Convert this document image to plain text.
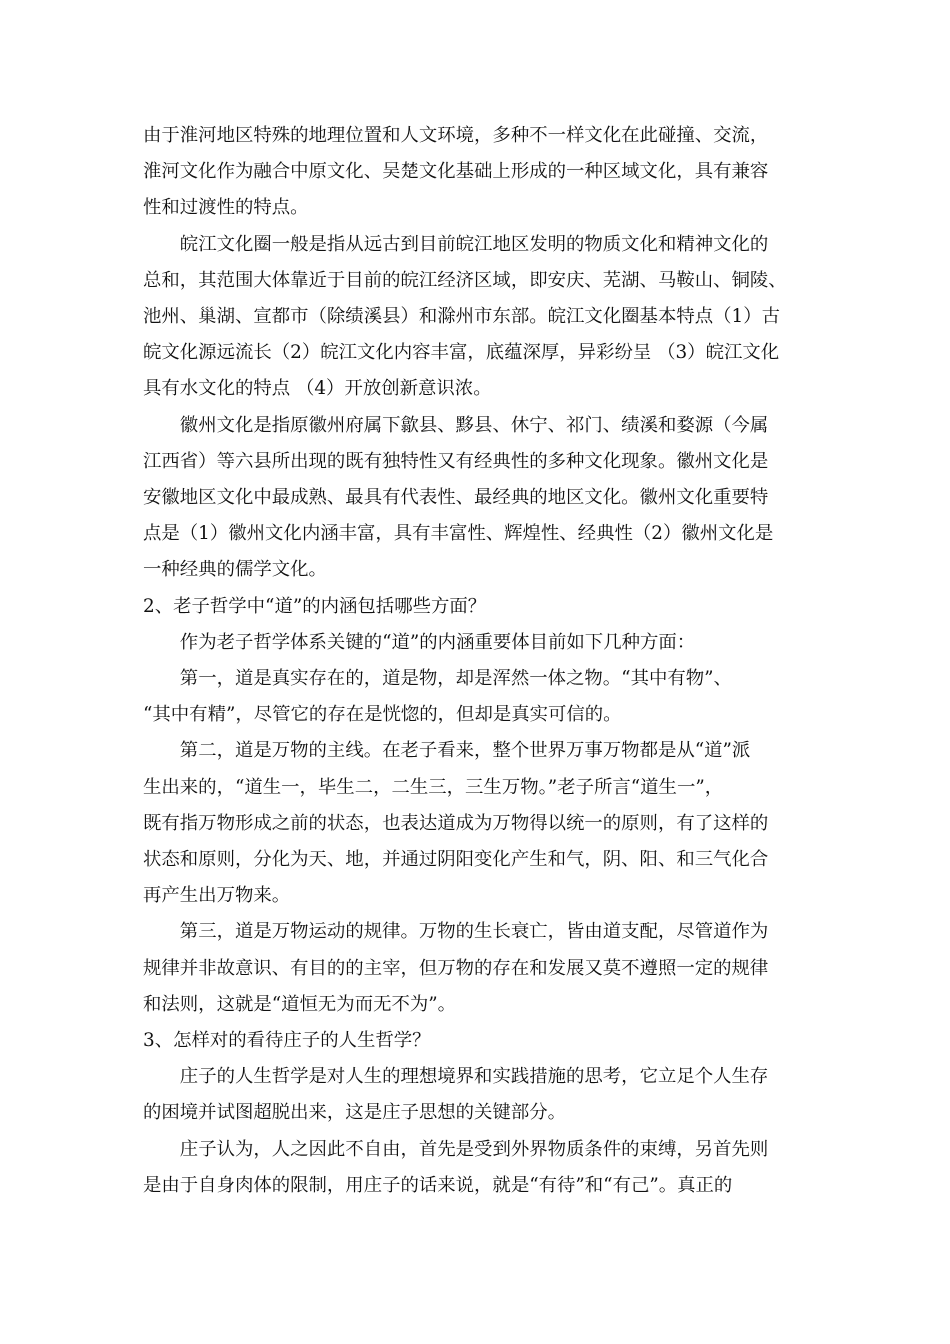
由于淮河地区特殊的地理位置和人文环境，多种不一样文化在此碰撞、交流，
淮河文化作为融合中原文化、吴楚文化基础上形成的一种区域文化，具有兼容
性和过渡性的特点。

皖江文化圈一般是指从远古到目前皖江地区发明的物质文化和精神文化的
总和，其范围大体靠近于目前的皖江经济区域，即安庆、芜湖、马鞍山、铜陵、
池州、巢湖、宣都市（除绩溪县）和滁州市东部。皖江文化圈基本特点（1）古
皖文化源远流长（2）皖江文化内容丰富，底蕴深厚，异彩纷呈 （3）皖江文化
具有水文化的特点 （4）开放创新意识浓。

徽州文化是指原徽州府属下歙县、黟县、休宁、祁门、绩溪和婺源（今属
江西省）等六县所出现的既有独特性又有经典性的多种文化现象。徽州文化是
安徽地区文化中最成熟、最具有代表性、最经典的地区文化。徽州文化重要特
点是（1）徽州文化内涵丰富，具有丰富性、辉煌性、经典性（2）徽州文化是
一种经典的儒学文化。

2、老子哲学中“道”的内涵包括哪些方面？

作为老子哲学体系关键的“道”的内涵重要体目前如下几种方面：

第一，道是真实存在的，道是物，却是浑然一体之物。“其中有物”、
“其中有精”，尽管它的存在是恍惚的，但却是真实可信的。

第二，道是万物的主线。在老子看来，整个世界万事万物都是从“道”派
生出来的，“道生一，毕生二，二生三，三生万物。”老子所言“道生一”，
既有指万物形成之前的状态，也表达道成为万物得以统一的原则，有了这样的
状态和原则，分化为天、地，并通过阴阳变化产生和气，阴、阳、和三气化合
再产生出万物来。

第三，道是万物运动的规律。万物的生长衰亡，皆由道支配，尽管道作为
规律并非故意识、有目的的主宰，但万物的存在和发展又莫不遵照一定的规律
和法则，这就是“道恒无为而无不为”。

3、怎样对的看待庄子的人生哲学？

庄子的人生哲学是对人生的理想境界和实践措施的思考，它立足个人生存
的困境并试图超脱出来，这是庄子思想的关键部分。

庄子认为，人之因此不自由，首先是受到外界物质条件的束缚，另首先则
是由于自身肉体的限制，用庄子的话来说，就是“有待”和“有己”。真正的
